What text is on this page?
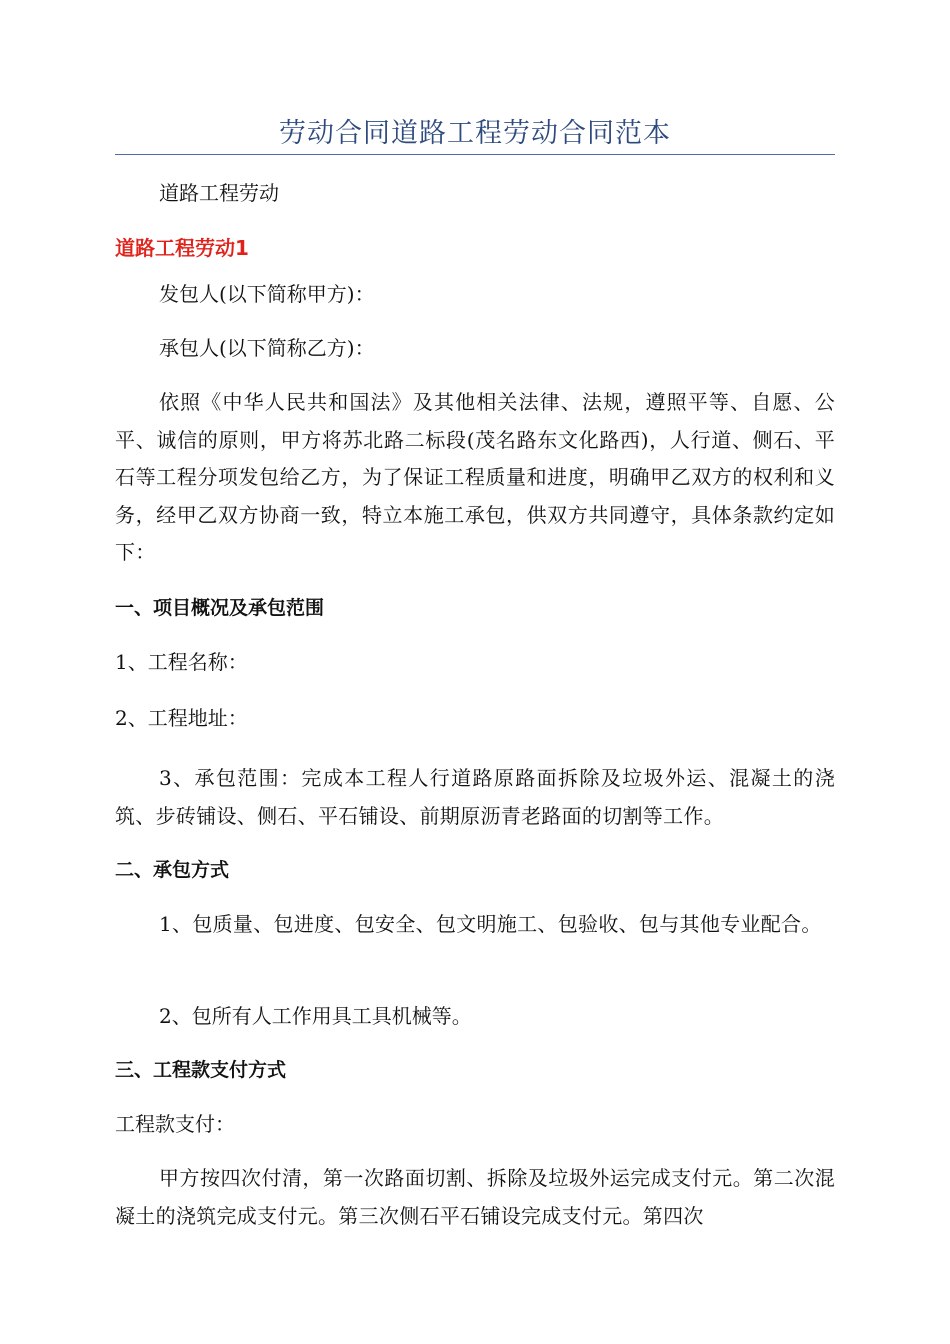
劳动合同道路工程劳动合同范本

道路工程劳动

道路工程劳动1

发包人(以下简称甲方)：

承包人(以下简称乙方)：

依照《中华人民共和国法》及其他相关法律、法规，遵照平等、自愿、公平、诚信的原则，甲方将苏北路二标段(茂名路东文化路西)，人行道、侧石、平石等工程分项发包给乙方，为了保证工程质量和进度，明确甲乙双方的权利和义务，经甲乙双方协商一致，特立本施工承包，供双方共同遵守，具体条款约定如下：

一、项目概况及承包范围

1、工程名称：

2、工程地址：

3、承包范围：完成本工程人行道路原路面拆除及垃圾外运、混凝土的浇筑、步砖铺设、侧石、平石铺设、前期原沥青老路面的切割等工作。

二、承包方式

1、包质量、包进度、包安全、包文明施工、包验收、包与其他专业配合。

2、包所有人工作用具工具机械等。

三、工程款支付方式

工程款支付：

甲方按四次付清，第一次路面切割、拆除及垃圾外运完成支付元。第二次混凝土的浇筑完成支付元。第三次侧石平石铺设完成支付元。第四次
